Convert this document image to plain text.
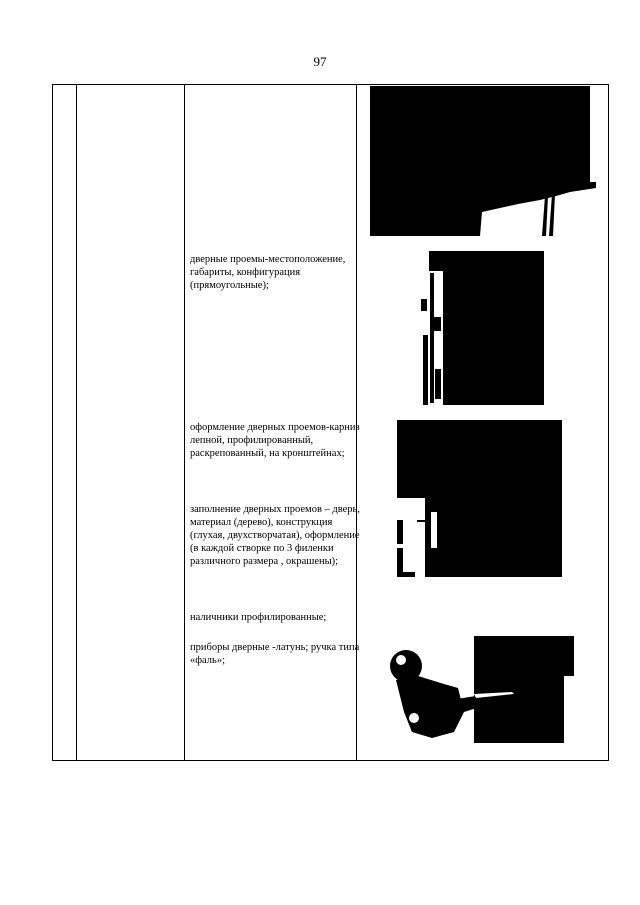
97
дверные проемы-местоположение, габариты, конфигурация (прямоугольные);
оформление дверных проемов-карниз лепной, профилированный, раскрепованный, на кронштейнах;
заполнение дверных проемов – дверь, материал (дерево), конструкция (глухая, двухстворчатая), оформление (в каждой створке по 3 филенки различного размера , окрашены);
наличники профилированные;
приборы дверные -латунь; ручка типа «фаль»;
